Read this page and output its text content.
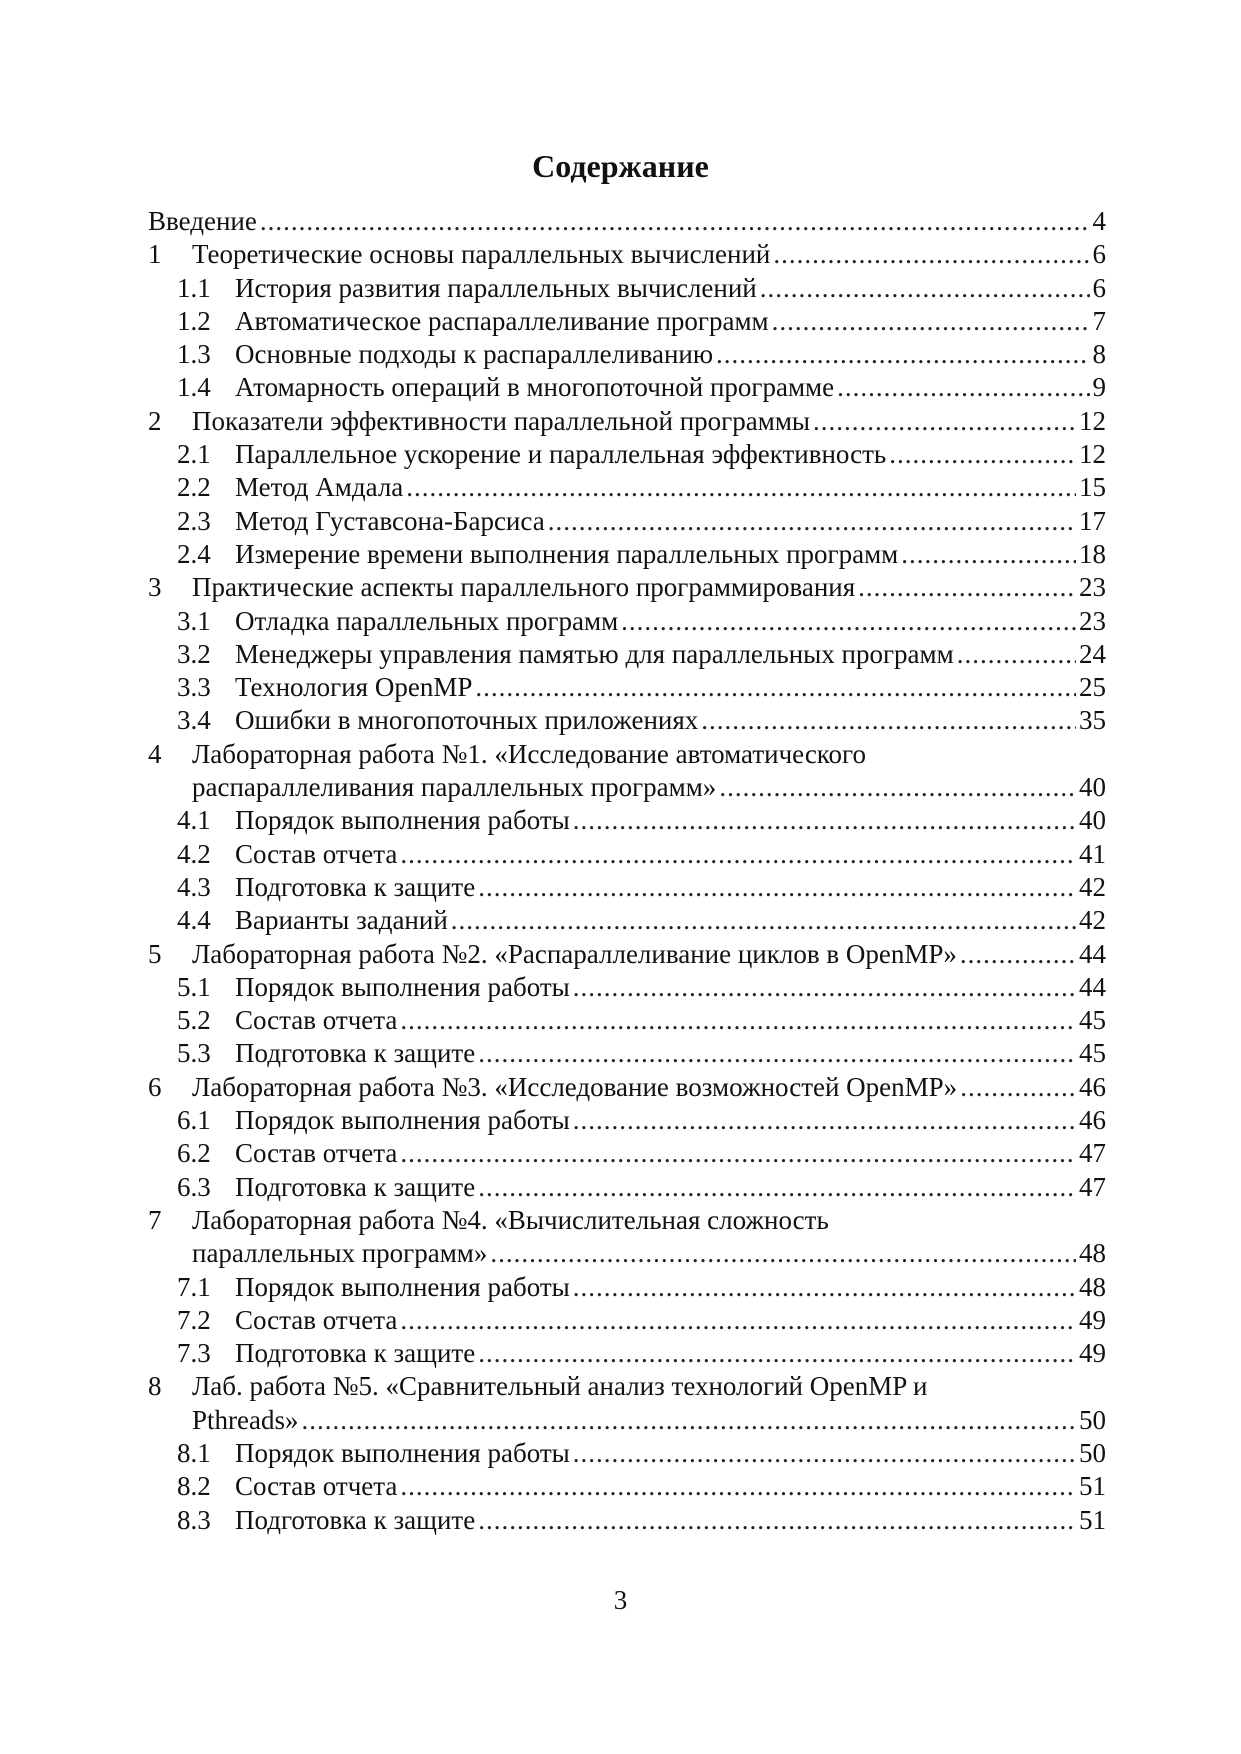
Содержание
Введение .....	4
1 Теоретические основы параллельных вычислений .....	6
1.1 История развития параллельных вычислений .....	6
1.2 Автоматическое распараллеливание программ .....	7
1.3 Основные подходы к распараллеливанию .....	8
1.4 Атомарность операций в многопоточной программе .....	9
2 Показатели эффективности параллельной программы .....	12
2.1 Параллельное ускорение и параллельная эффективность .....	12
2.2 Метод Амдала .....	15
2.3 Метод Густавсона-Барсиса .....	17
2.4 Измерение времени выполнения параллельных программ .....	18
3 Практические аспекты параллельного программирования .....	23
3.1 Отладка параллельных программ .....	23
3.2 Менеджеры управления памятью для параллельных программ .....	24
3.3 Технология OpenMP .....	25
3.4 Ошибки в многопоточных приложениях .....	35
4 Лабораторная работа №1. «Исследование автоматического
распараллеливания параллельных программ» .....	40
4.1 Порядок выполнения работы .....	40
4.2 Состав отчета .....	41
4.3 Подготовка к защите .....	42
4.4 Варианты заданий .....	42
5 Лабораторная работа №2. «Распараллеливание циклов в OpenMP» .....	44
5.1 Порядок выполнения работы .....	44
5.2 Состав отчета .....	45
5.3 Подготовка к защите .....	45
6 Лабораторная работа №3. «Исследование возможностей OpenMP» .....	46
6.1 Порядок выполнения работы .....	46
6.2 Состав отчета .....	47
6.3 Подготовка к защите .....	47
7 Лабораторная работа №4. «Вычислительная сложность
параллельных программ» .....	48
7.1 Порядок выполнения работы .....	48
7.2 Состав отчета .....	49
7.3 Подготовка к защите .....	49
8 Лаб. работа №5. «Сравнительный анализ технологий OpenMP и
Pthreads» .....	50
8.1 Порядок выполнения работы .....	50
8.2 Состав отчета .....	51
8.3 Подготовка к защите .....	51
3
